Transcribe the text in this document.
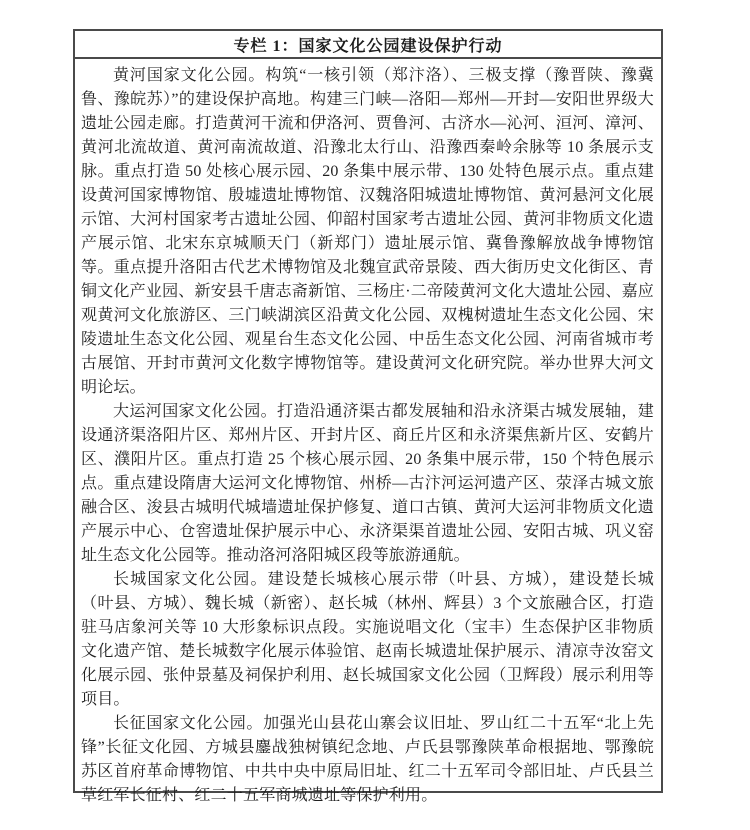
专栏 1：国家文化公园建设保护行动

黄河国家文化公园。构筑“一核引领（郑汴洛）、三极支撑（豫晋陕、豫冀鲁、豫皖苏）”的建设保护高地。构建三门峡—洛阳—郑州—开封—安阳世界级大遗址公园走廊。打造黄河干流和伊洛河、贾鲁河、古济水—沁河、洹河、漳河、黄河北流故道、黄河南流故道、沿豫北太行山、沿豫西秦岭余脉等 10 条展示支脉。重点打造 50 处核心展示园、20 条集中展示带、130 处特色展示点。重点建设黄河国家博物馆、殷墟遗址博物馆、汉魏洛阳城遗址博物馆、黄河悬河文化展示馆、大河村国家考古遗址公园、仰韶村国家考古遗址公园、黄河非物质文化遗产展示馆、北宋东京城顺天门（新郑门）遗址展示馆、冀鲁豫解放战争博物馆等。重点提升洛阳古代艺术博物馆及北魏宣武帝景陵、西大街历史文化街区、青铜文化产业园、新安县千唐志斋新馆、三杨庄·二帝陵黄河文化大遗址公园、嘉应观黄河文化旅游区、三门峡湖滨区沿黄文化公园、双槐树遗址生态文化公园、宋陵遗址生态文化公园、观星台生态文化公园、中岳生态文化公园、河南省城市考古展馆、开封市黄河文化数字博物馆等。建设黄河文化研究院。举办世界大河文明论坛。

大运河国家文化公园。打造沿通济渠古都发展轴和沿永济渠古城发展轴，建设通济渠洛阳片区、郑州片区、开封片区、商丘片区和永济渠焦新片区、安鹤片区、濮阳片区。重点打造 25 个核心展示园、20 条集中展示带，150 个特色展示点。重点建设隋唐大运河文化博物馆、州桥—古汴河运河遗产区、荥泽古城文旅融合区、浚县古城明代城墙遗址保护修复、道口古镇、黄河大运河非物质文化遗产展示中心、仓窖遗址保护展示中心、永济渠渠首遗址公园、安阳古城、巩义窑址生态文化公园等。推动洛河洛阳城区段等旅游通航。

长城国家文化公园。建设楚长城核心展示带（叶县、方城），建设楚长城（叶县、方城）、魏长城（新密）、赵长城（林州、辉县）3 个文旅融合区，打造驻马店象河关等 10 大形象标识点段。实施说唱文化（宝丰）生态保护区非物质文化遗产馆、楚长城数字化展示体验馆、赵南长城遗址保护展示、清凉寺汝窑文化展示园、张仲景墓及祠保护利用、赵长城国家文化公园（卫辉段）展示利用等项目。

长征国家文化公园。加强光山县花山寨会议旧址、罗山红二十五军“北上先锋”长征文化园、方城县鏖战独树镇纪念地、卢氏县鄂豫陕革命根据地、鄂豫皖苏区首府革命博物馆、中共中央中原局旧址、红二十五军司令部旧址、卢氏县兰草红军长征村、红二十五军商城遗址等保护利用。
